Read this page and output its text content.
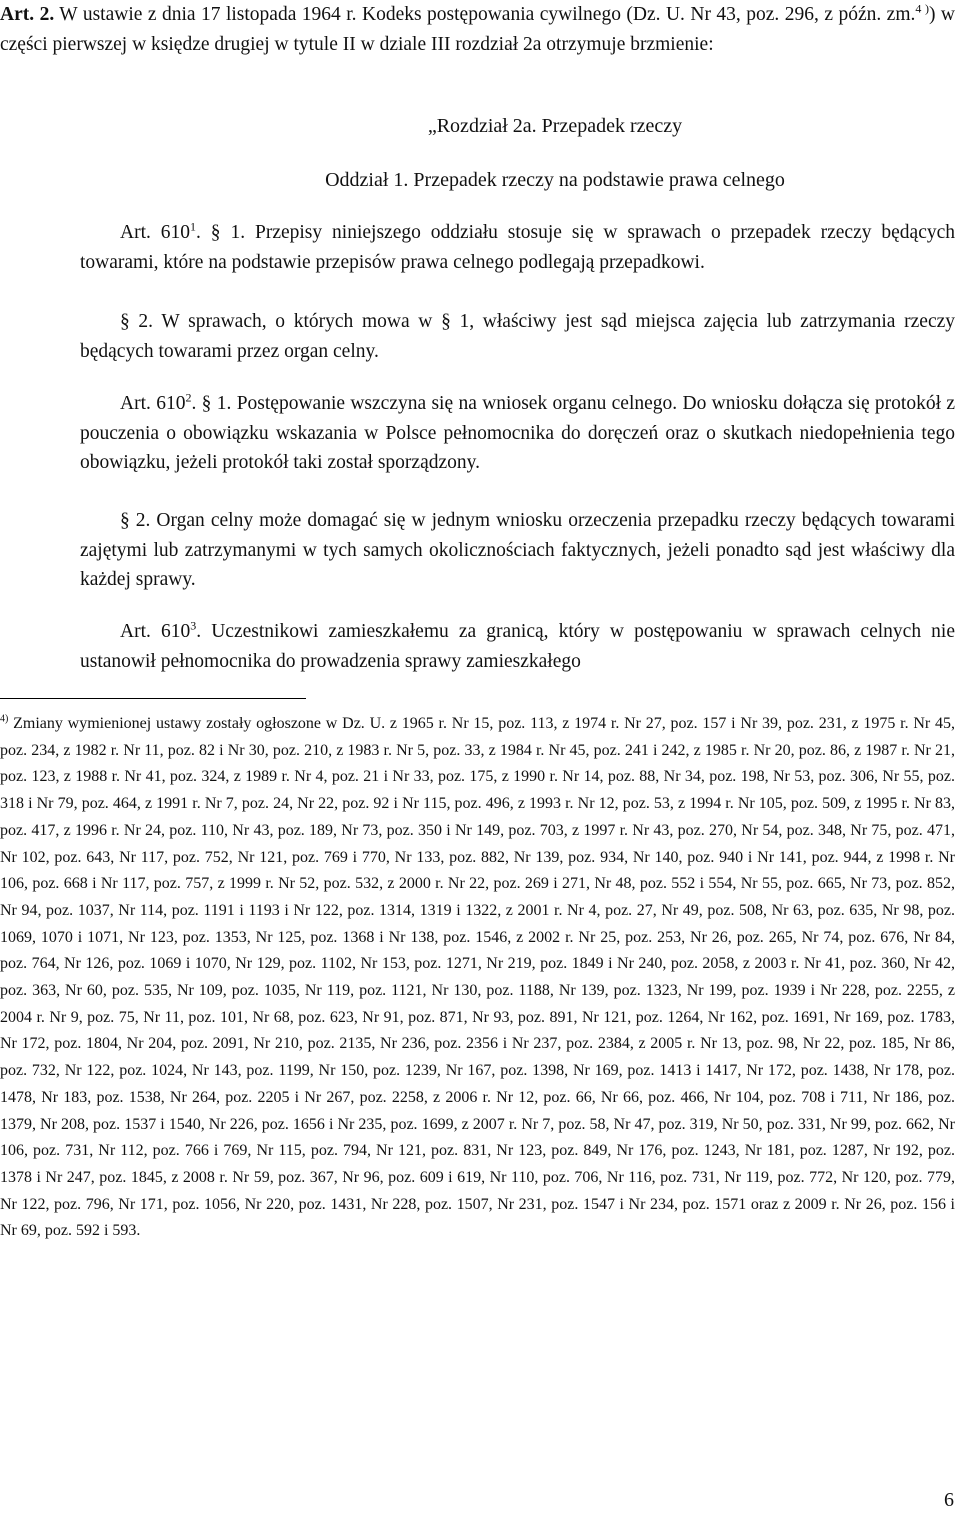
Art. 2. W ustawie z dnia 17 listopada 1964 r. Kodeks postępowania cywilnego (Dz. U. Nr 43, poz. 296, z późn. zm.$^{4 )}$) w części pierwszej w księdze drugiej w tytule II w dziale III rozdział 2a otrzymuje brzmienie:

„Rozdział 2a. Przepadek rzeczy

Oddział 1. Przepadek rzeczy na podstawie prawa celnego

Art. $610^1$. § 1. Przepisy niniejszego oddziału stosuje się w sprawach o przepadek rzeczy będących towarami, które na podstawie przepisów prawa celnego podlegają przepadkowi.

§ 2. W sprawach, o których mowa w § 1, właściwy jest sąd miejsca zajęcia lub zatrzymania rzeczy będących towarami przez organ celny.

Art. $610^2$. § 1. Postępowanie wszczyna się na wniosek organu celnego. Do wniosku dołącza się protokół z pouczenia o obowiązku wskazania w Polsce pełnomocnika do doręczeń oraz o skutkach niedopełnienia tego obowiązku, jeżeli protokół taki został sporządzony.

§ 2. Organ celny może domagać się w jednym wniosku orzeczenia przepadku rzeczy będących towarami zajętymi lub zatrzymanymi w tych samych okolicznościach faktycznych, jeżeli ponadto sąd jest właściwy dla każdej sprawy.

Art. $610^3$. Uczestnikowi zamieszkałemu za granicą, który w postępowaniu w sprawach celnych nie ustanowił pełnomocnika do prowadzenia sprawy zamieszkałego

$^{4)}$ Zmiany wymienionej ustawy zostały ogłoszone w Dz. U. z 1965 r. Nr 15, poz. 113, z 1974 r. Nr 27, poz. 157 i Nr 39, poz. 231, z 1975 r. Nr 45, poz. 234, z 1982 r. Nr 11, poz. 82 i Nr 30, poz. 210, z 1983 r. Nr 5, poz. 33, z 1984 r. Nr 45, poz. 241 i 242, z 1985 r. Nr 20, poz. 86, z 1987 r. Nr 21, poz. 123, z 1988 r. Nr 41, poz. 324, z 1989 r. Nr 4, poz. 21 i Nr 33, poz. 175, z 1990 r. Nr 14, poz. 88, Nr 34, poz. 198, Nr 53, poz. 306, Nr 55, poz. 318 i Nr 79, poz. 464, z 1991 r. Nr 7, poz. 24, Nr 22, poz. 92 i Nr 115, poz. 496, z 1993 r. Nr 12, poz. 53, z 1994 r. Nr 105, poz. 509, z 1995 r. Nr 83, poz. 417, z 1996 r. Nr 24, poz. 110, Nr 43, poz. 189, Nr 73, poz. 350 i Nr 149, poz. 703, z 1997 r. Nr 43, poz. 270, Nr 54, poz. 348, Nr 75, poz. 471, Nr 102, poz. 643, Nr 117, poz. 752, Nr 121, poz. 769 i 770, Nr 133, poz. 882, Nr 139, poz. 934, Nr 140, poz. 940 i Nr 141, poz. 944, z 1998 r. Nr 106, poz. 668 i Nr 117, poz. 757, z 1999 r. Nr 52, poz. 532, z 2000 r. Nr 22, poz. 269 i 271, Nr 48, poz. 552 i 554, Nr 55, poz. 665, Nr 73, poz. 852, Nr 94, poz. 1037, Nr 114, poz. 1191 i 1193 i Nr 122, poz. 1314, 1319 i 1322, z 2001 r. Nr 4, poz. 27, Nr 49, poz. 508, Nr 63, poz. 635, Nr 98, poz. 1069, 1070 i 1071, Nr 123, poz. 1353, Nr 125, poz. 1368 i Nr 138, poz. 1546, z 2002 r. Nr 25, poz. 253, Nr 26, poz. 265, Nr 74, poz. 676, Nr 84, poz. 764, Nr 126, poz. 1069 i 1070, Nr 129, poz. 1102, Nr 153, poz. 1271, Nr 219, poz. 1849 i Nr 240, poz. 2058, z 2003 r. Nr 41, poz. 360, Nr 42, poz. 363, Nr 60, poz. 535, Nr 109, poz. 1035, Nr 119, poz. 1121, Nr 130, poz. 1188, Nr 139, poz. 1323, Nr 199, poz. 1939 i Nr 228, poz. 2255, z 2004 r. Nr 9, poz. 75, Nr 11, poz. 101, Nr 68, poz. 623, Nr 91, poz. 871, Nr 93, poz. 891, Nr 121, poz. 1264, Nr 162, poz. 1691, Nr 169, poz. 1783, Nr 172, poz. 1804, Nr 204, poz. 2091, Nr 210, poz. 2135, Nr 236, poz. 2356 i Nr 237, poz. 2384, z 2005 r. Nr 13, poz. 98, Nr 22, poz. 185, Nr 86, poz. 732, Nr 122, poz. 1024, Nr 143, poz. 1199, Nr 150, poz. 1239, Nr 167, poz. 1398, Nr 169, poz. 1413 i 1417, Nr 172, poz. 1438, Nr 178, poz. 1478, Nr 183, poz. 1538, Nr 264, poz. 2205 i Nr 267, poz. 2258, z 2006 r. Nr 12, poz. 66, Nr 66, poz. 466, Nr 104, poz. 708 i 711, Nr 186, poz. 1379, Nr 208, poz. 1537 i 1540, Nr 226, poz. 1656 i Nr 235, poz. 1699, z 2007 r. Nr 7, poz. 58, Nr 47, poz. 319, Nr 50, poz. 331, Nr 99, poz. 662, Nr 106, poz. 731, Nr 112, poz. 766 i 769, Nr 115, poz. 794, Nr 121, poz. 831, Nr 123, poz. 849, Nr 176, poz. 1243, Nr 181, poz. 1287, Nr 192, poz. 1378 i Nr 247, poz. 1845, z 2008 r. Nr 59, poz. 367, Nr 96, poz. 609 i 619, Nr 110, poz. 706, Nr 116, poz. 731, Nr 119, poz. 772, Nr 120, poz. 779, Nr 122, poz. 796, Nr 171, poz. 1056, Nr 220, poz. 1431, Nr 228, poz. 1507, Nr 231, poz. 1547 i Nr 234, poz. 1571 oraz z 2009 r. Nr 26, poz. 156 i Nr 69, poz. 592 i 593.

6
